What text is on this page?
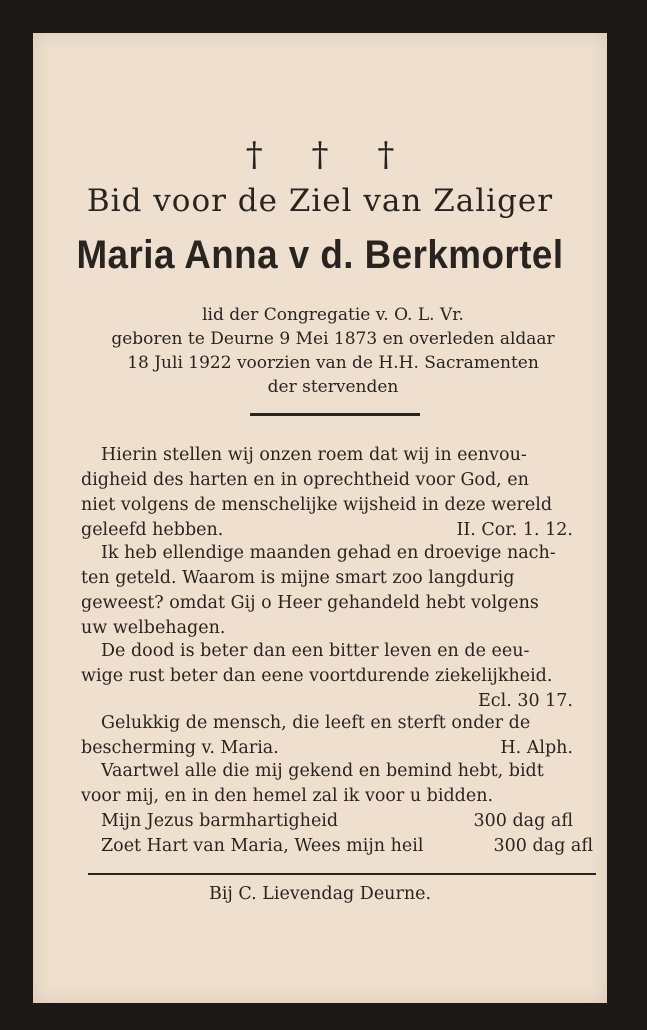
† † †
Bid voor de Ziel van Zaliger
Maria Anna v d. Berkmortel
lid der Congregatie v. O. L. Vr.
geboren te Deurne 9 Mei 1873 en overleden aldaar
18 Juli 1922 voorzien van de H.H. Sacramenten
der stervenden
Hierin stellen wij onzen roem dat wij in eenvou-
digheid des harten en in oprechtheid voor God, en
niet volgens de menschelijke wijsheid in deze wereld
geleefd hebben.	II. Cor. 1. 12.
Ik heb ellendige maanden gehad en droevige nach-
ten geteld. Waarom is mijne smart zoo langdurig
geweest? omdat Gij o Heer gehandeld hebt volgens
uw welbehagen.
De dood is beter dan een bitter leven en de eeu-
wige rust beter dan eene voortdurende ziekelijkheid.
Ecl. 30 17.
Gelukkig de mensch, die leeft en sterft onder de
bescherming v. Maria.	H. Alph.
Vaartwel alle die mij gekend en bemind hebt, bidt
voor mij, en in den hemel zal ik voor u bidden.
Mijn Jezus barmhartigheid	300 dag afl
Zoet Hart van Maria, Wees mijn heil	300 dag afl
Bij C. Lievendag Deurne.
